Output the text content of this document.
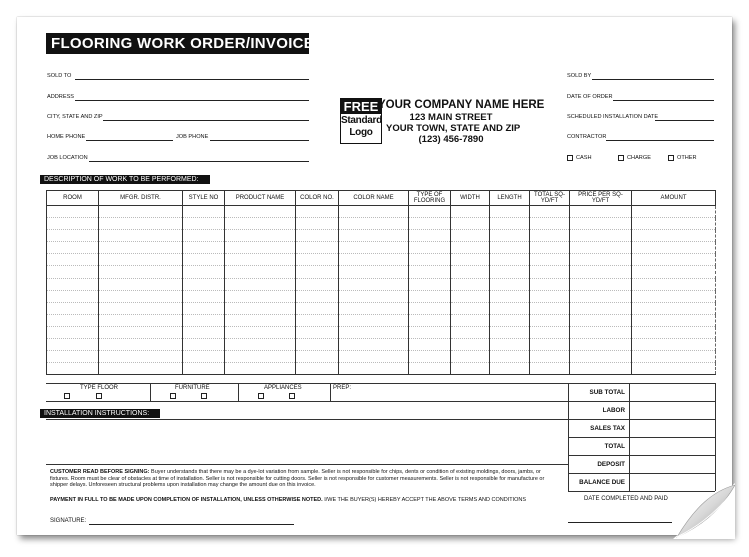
FLOORING WORK ORDER/INVOICE
SOLD TO
ADDRESS
CITY, STATE AND ZIP
HOME PHONE	JOB PHONE
JOB LOCATION
FREE
Standard
Logo
YOUR COMPANY NAME HERE
123 MAIN STREET
YOUR TOWN, STATE AND ZIP
(123) 456-7890
SOLD BY
DATE OF ORDER
SCHEDULED INSTALLATION DATE
CONTRACTOR
CASH	CHARGE	OTHER
DESCRIPTION OF WORK TO BE PERFORMED:
ROOM	MFGR. DISTR.	STYLE NO	PRODUCT NAME	COLOR NO.	COLOR NAME	TYPE OF FLOORING	WIDTH	LENGTH	TOTAL SQ-YD/FT	PRICE PER SQ-YD/FT	AMOUNT

TYPE FLOOR	FURNITURE	APPLIANCES	PREP:
SUB TOTAL
LABOR
SALES TAX
TOTAL
DEPOSIT
BALANCE DUE
INSTALLATION INSTRUCTIONS:
CUSTOMER READ BEFORE SIGNING: Buyer understands that there may be a dye-lot variation from sample. Seller is not responsible for chips, dents or condition of existing moldings, doors, jambs, or fixtures. Room must be clear of obstacles at time of installation. Seller is not responsible for cutting doors. Seller is not responsible for customer measurements. Seller is not responsible for manufacture or shipper delays. Unforeseen structural problems upon installation may change the amount due on this invoice.
PAYMENT IN FULL TO BE MADE UPON COMPLETION OF INSTALLATION, UNLESS OTHERWISE NOTED. I/WE THE BUYER(S) HEREBY ACCEPT THE ABOVE TERMS AND CONDITIONS
SIGNATURE:
DATE COMPLETED AND PAID
